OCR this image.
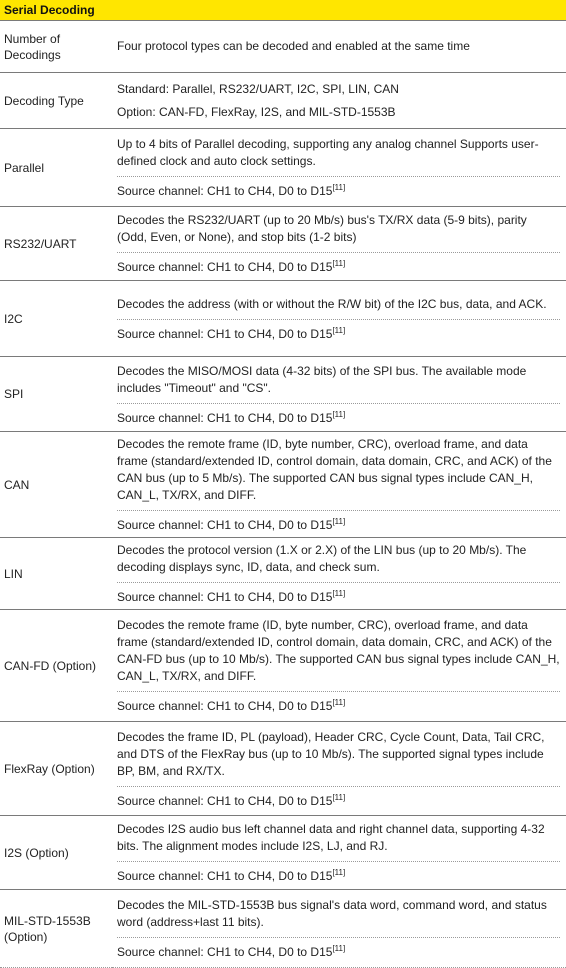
Serial Decoding	
Number of Decodings	Four protocol types can be decoded and enabled at the same time

Decoding Type	Standard: Parallel, RS232/UART, I2C, SPI, LIN, CAN
Option: CAN-FD, FlexRay, I2S, and MIL-STD-1553B

Parallel	Up to 4 bits of Parallel decoding, supporting any analog channel Supports user-defined clock and auto clock settings.
Source channel: CH1 to CH4, D0 to D15[11]

RS232/UART	Decodes the RS232/UART (up to 20 Mb/s) bus's TX/RX data (5-9 bits), parity (Odd, Even, or None), and stop bits (1-2 bits)
Source channel: CH1 to CH4, D0 to D15[11]

I2C	Decodes the address (with or without the R/W bit) of the I2C bus, data, and ACK.
Source channel: CH1 to CH4, D0 to D15[11]

SPI	Decodes the MISO/MOSI data (4-32 bits) of the SPI bus. The available mode includes "Timeout" and "CS".
Source channel: CH1 to CH4, D0 to D15[11]

CAN	Decodes the remote frame (ID, byte number, CRC), overload frame, and data frame (standard/extended ID, control domain, data domain, CRC, and ACK) of the CAN bus (up to 5 Mb/s). The supported CAN bus signal types include CAN_H, CAN_L, TX/RX, and DIFF.
Source channel: CH1 to CH4, D0 to D15[11]

LIN	Decodes the protocol version (1.X or 2.X) of the LIN bus (up to 20 Mb/s). The decoding displays sync, ID, data, and check sum.
Source channel: CH1 to CH4, D0 to D15[11]

CAN-FD (Option)	Decodes the remote frame (ID, byte number, CRC), overload frame, and data frame (standard/extended ID, control domain, data domain, CRC, and ACK) of the CAN-FD bus (up to 10 Mb/s). The supported CAN bus signal types include CAN_H, CAN_L, TX/RX, and DIFF.
Source channel: CH1 to CH4, D0 to D15[11]

FlexRay (Option)	Decodes the frame ID, PL (payload), Header CRC, Cycle Count, Data, Tail CRC, and DTS of the FlexRay bus (up to 10 Mb/s). The supported signal types include BP, BM, and RX/TX.
Source channel: CH1 to CH4, D0 to D15[11]

I2S (Option)	Decodes I2S audio bus left channel data and right channel data, supporting 4-32 bits. The alignment modes include I2S, LJ, and RJ.
Source channel: CH1 to CH4, D0 to D15[11]

MIL-STD-1553B (Option)	Decodes the MIL-STD-1553B bus signal's data word, command word, and status word (address+last 11 bits).
Source channel: CH1 to CH4, D0 to D15[11]
